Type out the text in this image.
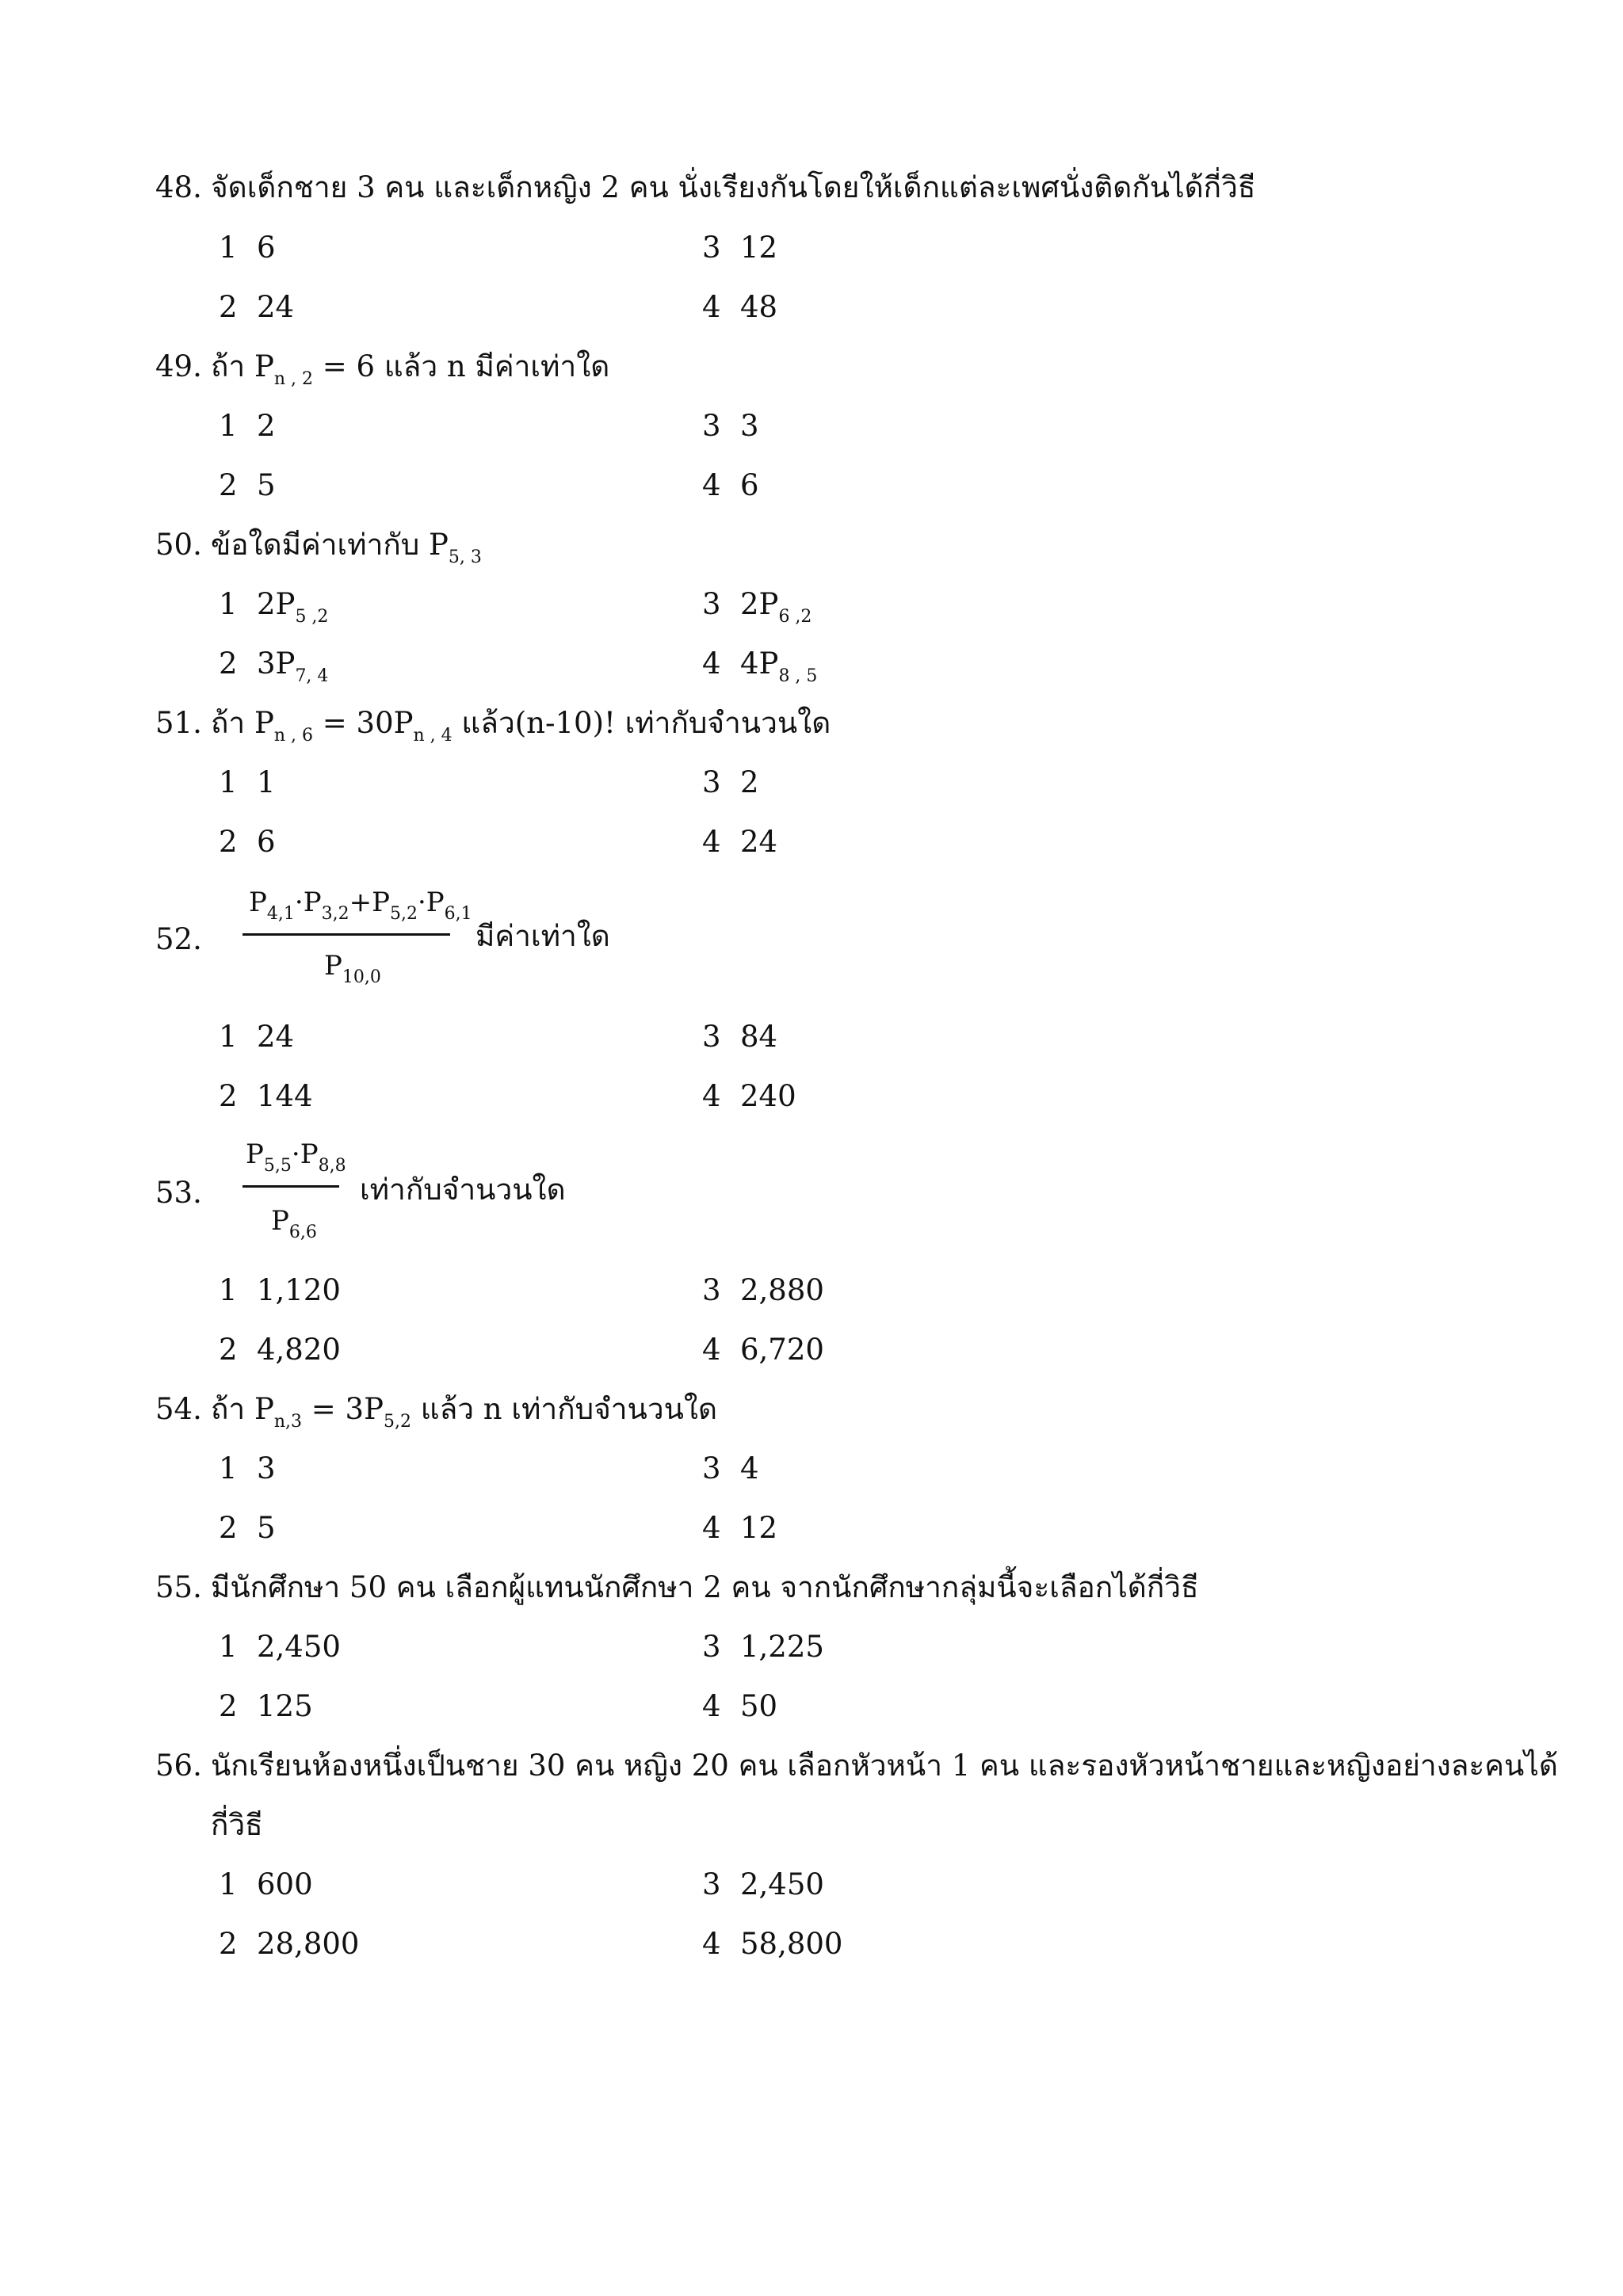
48. จัดเด็กชาย 3 คน และเด็กหญิง 2 คน นั่งเรียงกันโดยให้เด็กแต่ละเพศนั่งติดกันได้กี่วิธี
1 6	3 12
2 24	4 48
49. ถ้า $P_{n , 2} = 6$ แล้ว n มีค่าเท่าใด
1 2	3 3
2 5	4 6
50. ข้อใดมีค่าเท่ากับ $P_{5, 3}$
1 $2P_{5 ,2}$	3 $2P_{6 ,2}$
2 $3P_{7, 4}$	4 $4P_{8 , 5}$
51. ถ้า $P_{n , 6} = 30P_{n , 4}$ แล้ว(n-10)! เท่ากับจำนวนใด
1 1	3 2
2 6	4 24
52.
$P_{4,1}\cdot P_{3,2}+P_{5,2}\cdot P_{6,1}$
$P_{10,0}$
มีค่าเท่าใด
1 24	3 84
2 144	4 240
53.
$P_{5,5}\cdot P_{8,8}$
$P_{6,6}$
เท่ากับจำนวนใด
1 1,120	3 2,880
2 4,820	4 6,720
54. ถ้า $P_{n,3} = 3P_{5,2}$ แล้ว n เท่ากับจำนวนใด
1 3	3 4
2 5	4 12
55. มีนักศึกษา 50 คน เลือกผู้แทนนักศึกษา 2 คน จากนักศึกษากลุ่มนี้จะเลือกได้กี่วิธี
1 2,450	3 1,225
2 125	4 50
56. นักเรียนห้องหนึ่งเป็นชาย 30 คน หญิง 20 คน เลือกหัวหน้า 1 คน และรองหัวหน้าชายและหญิงอย่างละคนได้
กี่วิธี
1 600	3 2,450
2 28,800	4 58,800
